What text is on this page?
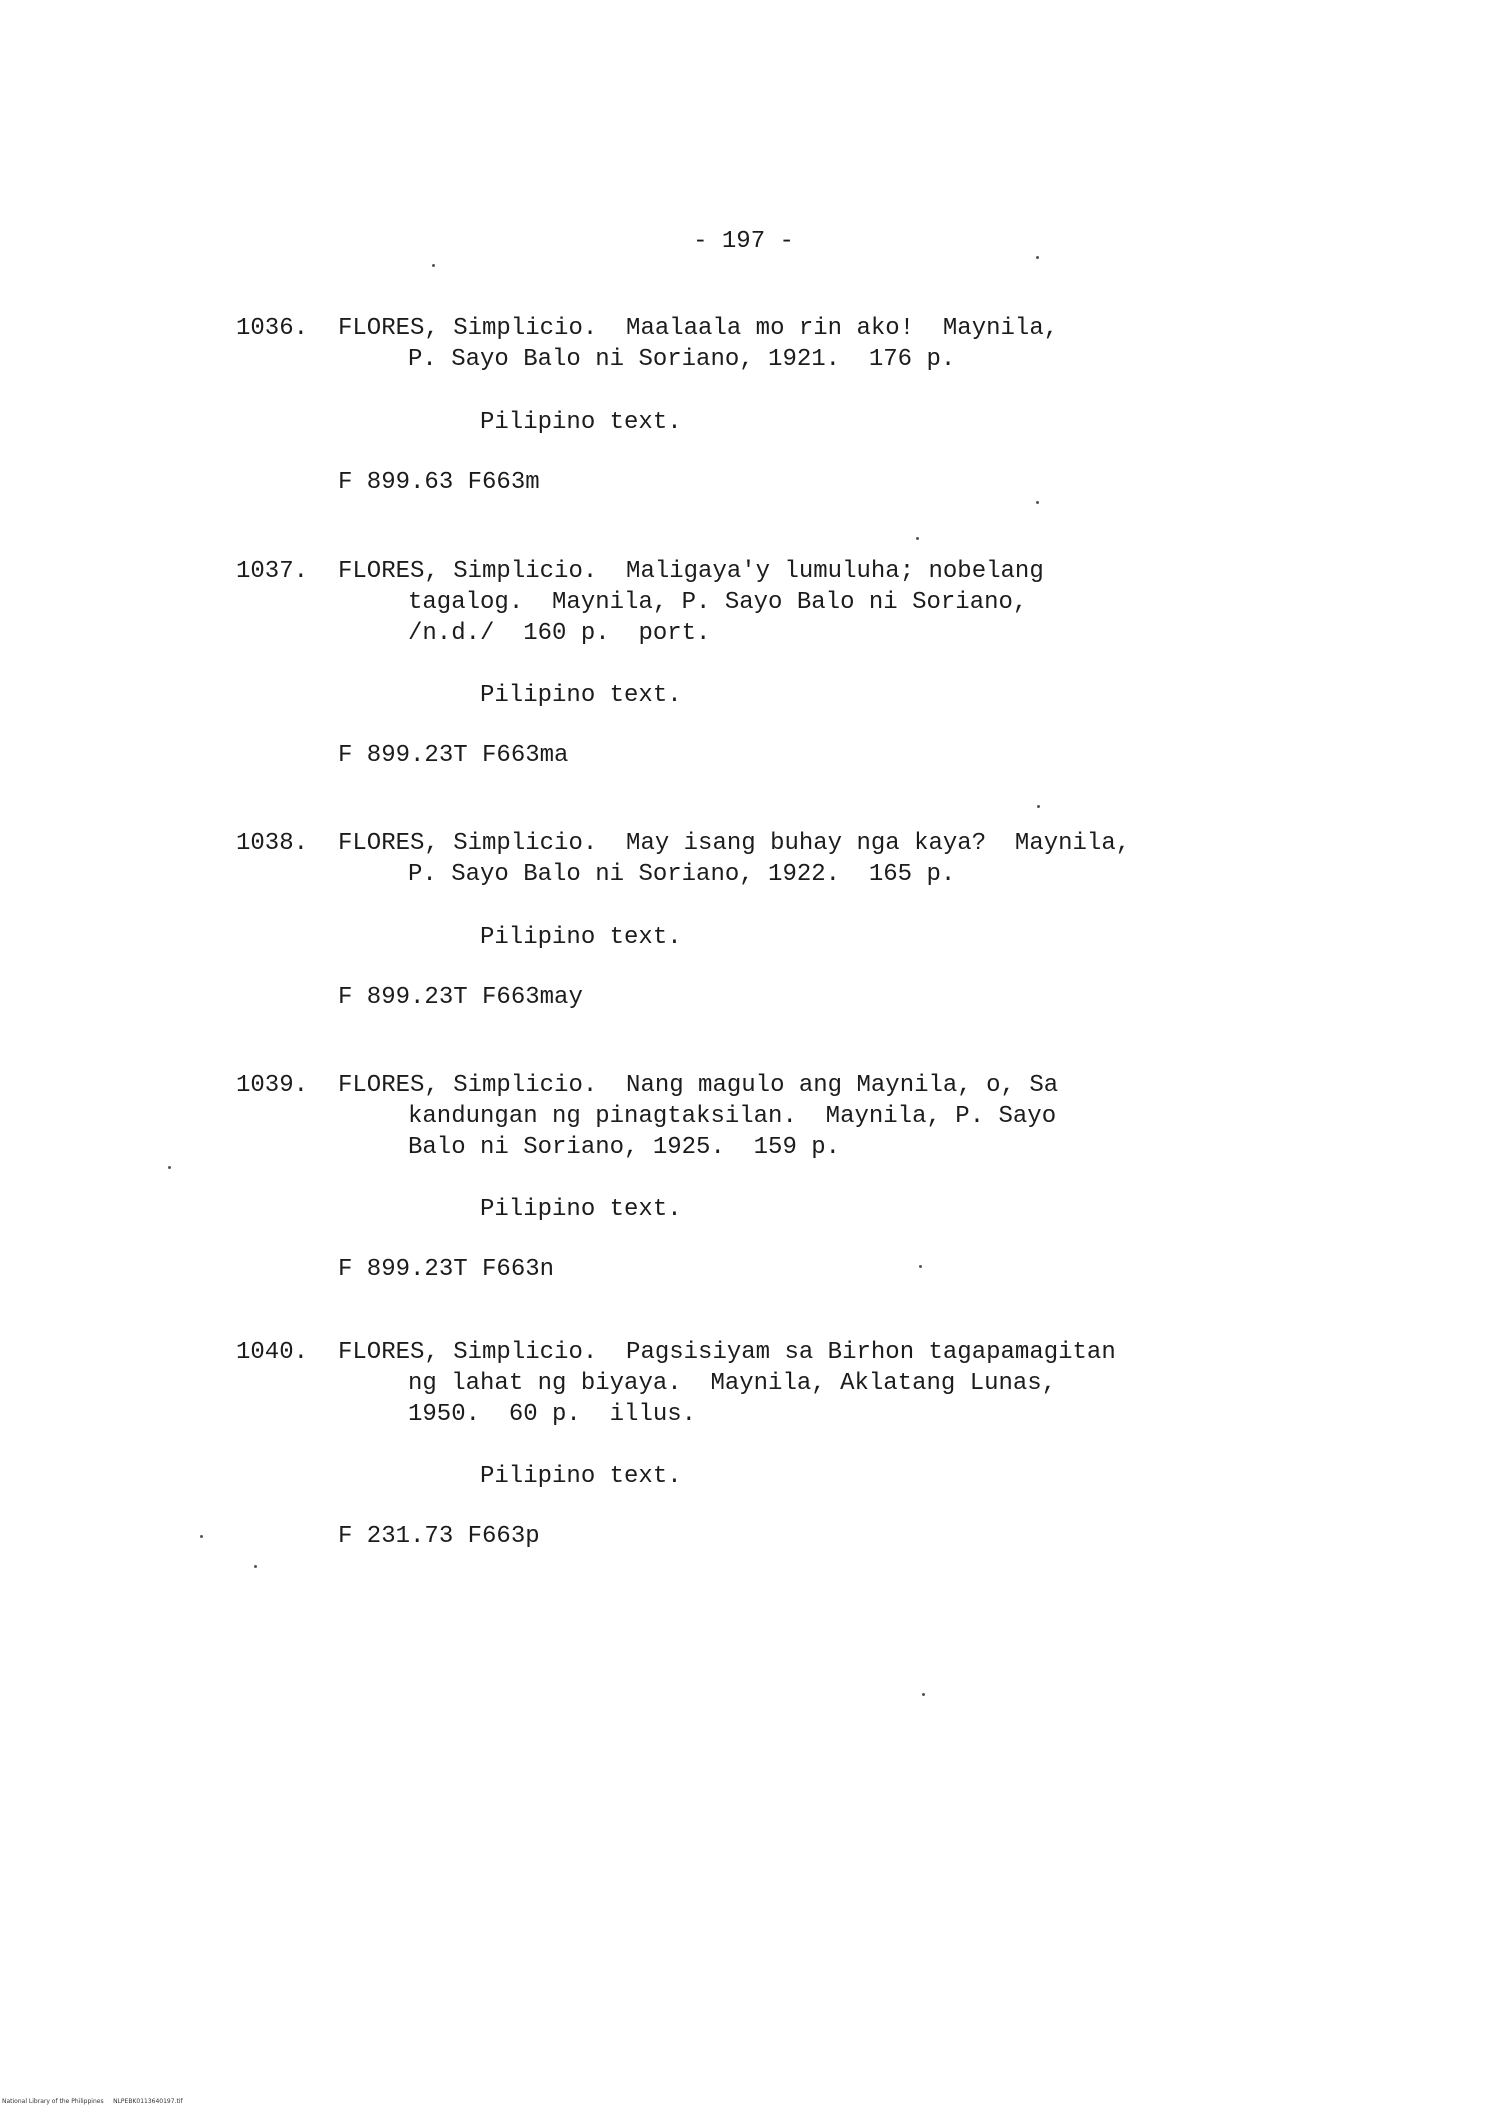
- 197 -
1036. FLORES, Simplicio.  Maalaala mo rin ako!  Maynila,
P. Sayo Balo ni Soriano, 1921.  176 p.
Pilipino text.
F 899.63 F663m
1037. FLORES, Simplicio.  Maligaya'y lumuluha; nobelang
tagalog.  Maynila, P. Sayo Balo ni Soriano,
/n.d./  160 p.  port.
Pilipino text.
F 899.23T F663ma
1038. FLORES, Simplicio.  May isang buhay nga kaya?  Maynila,
P. Sayo Balo ni Soriano, 1922.  165 p.
Pilipino text.
F 899.23T F663may
1039. FLORES, Simplicio.  Nang magulo ang Maynila, o, Sa
kandungan ng pinagtaksilan.  Maynila, P. Sayo
Balo ni Soriano, 1925.  159 p.
Pilipino text.
F 899.23T F663n
1040. FLORES, Simplicio.  Pagsisiyam sa Birhon tagapamagitan
ng lahat ng biyaya.  Maynila, Aklatang Lunas,
1950.  60 p.  illus.
Pilipino text.
F 231.73 F663p
National Library of the Philippines     NLPEBK0113640197.tif
